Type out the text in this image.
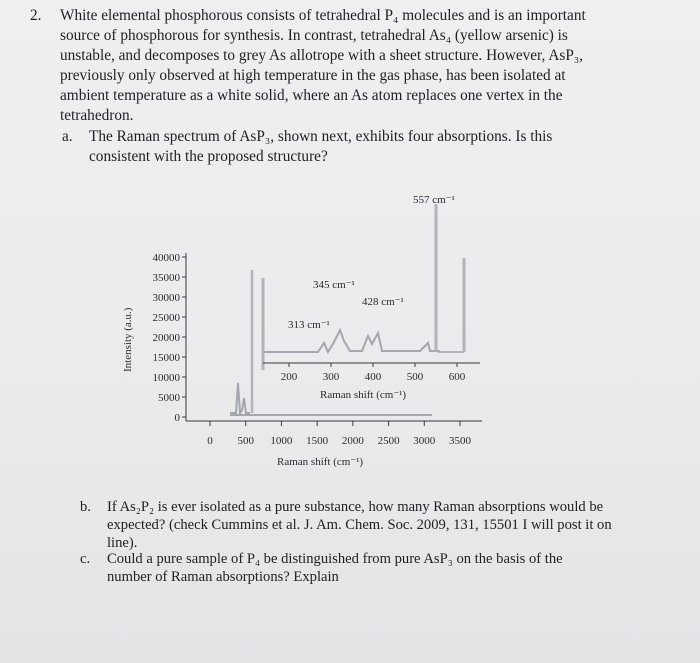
2. White elemental phosphorous consists of tetrahedral P₄ molecules and is an important
source of phosphorous for synthesis. In contrast, tetrahedral As₄ (yellow arsenic) is
unstable, and decomposes to grey As allotrope with a sheet structure. However, AsP₃,
previously only observed at high temperature in the gas phase, has been isolated at
ambient temperature as a white solid, where an As atom replaces one vertex in the
tetrahedron.
a. The Raman spectrum of AsP₃, shown next, exhibits four absorptions. Is this
consistent with the proposed structure?
Intensity (a.u.)
40000
35000
30000
25000
20000
15000
10000
5000
0
0 500 1000 1500 2000 2500 3000 3500
200 300 400 500 600
557 cm⁻¹
345 cm⁻¹
428 cm⁻¹
313 cm⁻¹
Raman shift (cm⁻¹)
Raman shift (cm⁻¹)
b. If As₂P₂ is ever isolated as a pure substance, how many Raman absorptions would be
expected? (check Cummins et al. J. Am. Chem. Soc. 2009, 131, 15501 I will post it on
line).
c. Could a pure sample of P₄ be distinguished from pure AsP₃ on the basis of the
number of Raman absorptions? Explain
